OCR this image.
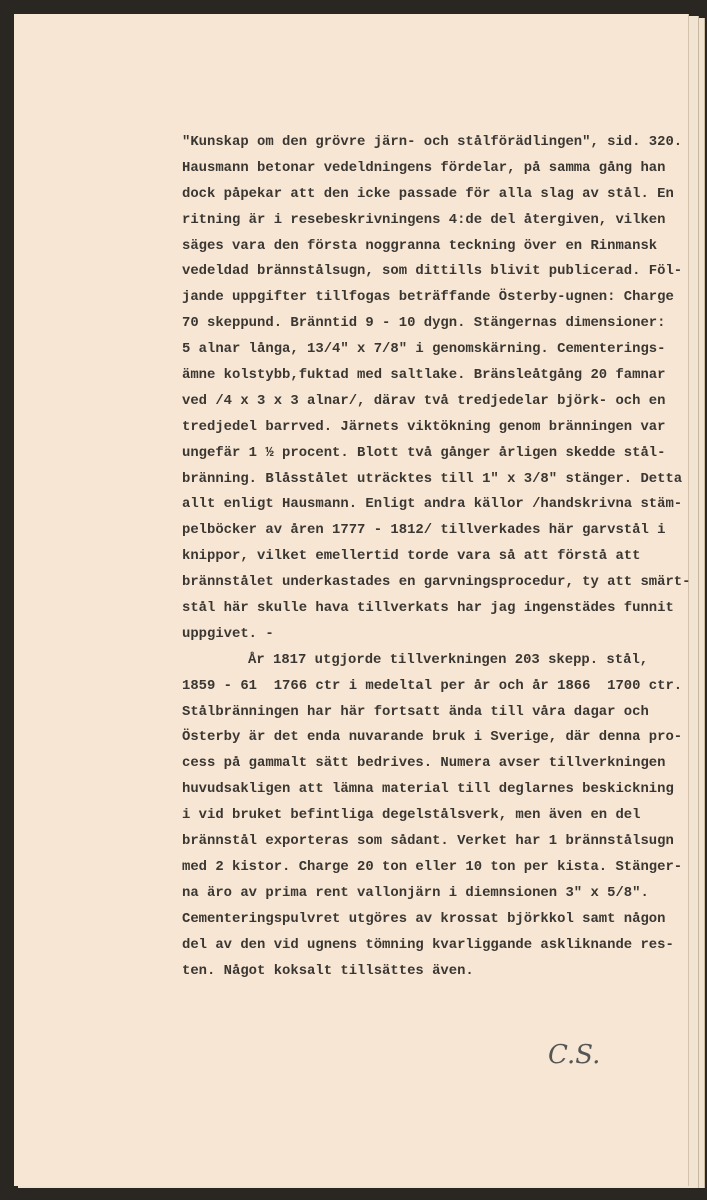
"Kunskap om den grövre järn- och stålförädlingen", sid. 320.
Hausmann betonar vedeldningens fördelar, på samma gång han
dock påpekar att den icke passade för alla slag av stål. En
ritning är i resebeskrivningens 4:de del återgiven, vilken
säges vara den första noggranna teckning över en Rinmansk
vedeldad brännstålsugn, som dittills blivit publicerad. Föl-
jande uppgifter tillfogas beträffande Österby-ugnen: Charge
70 skeppund. Bränntid 9 - 10 dygn. Stängernas dimensioner:
5 alnar långa, 13/4" x 7/8" i genomskärning. Cementerings-
ämne kolstybb,fuktad med saltlake. Bränsleåtgång 20 famnar
ved /4 x 3 x 3 alnar/, därav två tredjedelar björk- och en
tredjedel barrved. Järnets viktökning genom bränningen var
ungefär 1 ½ procent. Blott två gånger årligen skedde stål-
bränning. Blåsstålet uträcktes till 1" x 3/8" stänger. Detta
allt enligt Hausmann. Enligt andra källor /handskrivna stäm-
pelböcker av åren 1777 - 1812/ tillverkades här garvstål i
knippor, vilket emellertid torde vara så att förstå att
brännstålet underkastades en garvningsprocedur, ty att smärt-
stål här skulle hava tillverkats har jag ingenstädes funnit
uppgivet. -
År 1817 utgjorde tillverkningen 203 skepp. stål,
1859 - 61  1766 ctr i medeltal per år och år 1866  1700 ctr.
Stålbränningen har här fortsatt ända till våra dagar och
Österby är det enda nuvarande bruk i Sverige, där denna pro-
cess på gammalt sätt bedrives. Numera avser tillverkningen
huvudsakligen att lämna material till deglarnes beskickning
i vid bruket befintliga degelstålsverk, men även en del
brännstål exporteras som sådant. Verket har 1 brännstålsugn
med 2 kistor. Charge 20 ton eller 10 ton per kista. Stänger-
na äro av prima rent vallonjärn i diemnsionen 3" x 5/8".
Cementeringspulvret utgöres av krossat björkkol samt någon
del av den vid ugnens tömning kvarliggande askliknande res-
ten. Något koksalt tillsättes även.
C.S.
